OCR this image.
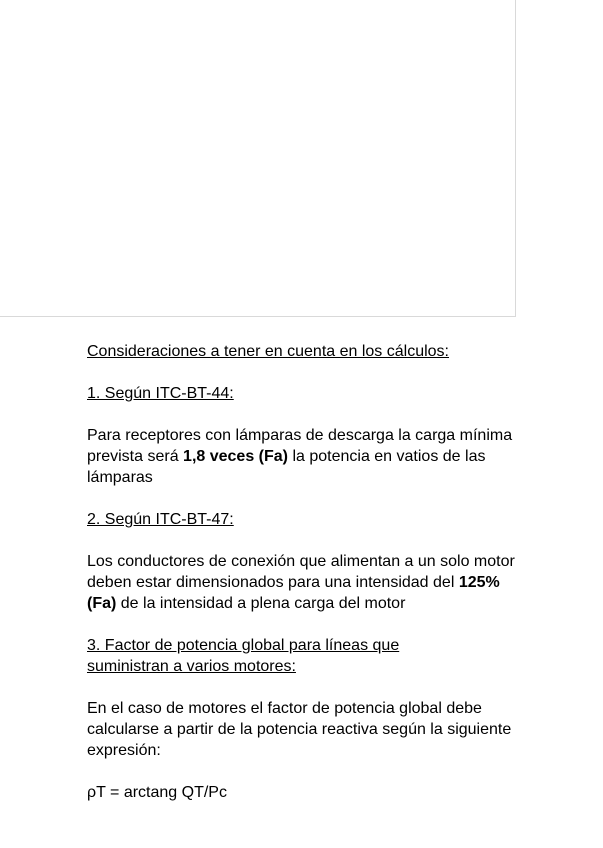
Consideraciones a tener en cuenta en los cálculos:

1. Según ITC-BT-44:

Para receptores con lámparas de descarga la carga mínima prevista será 1,8 veces (Fa) la potencia en vatios de las lámparas

2. Según ITC-BT-47:

Los conductores de conexión que alimentan a un solo motor deben estar dimensionados para una intensidad del 125% (Fa) de la intensidad a plena carga del motor

3. Factor de potencia global para líneas que

suministran a varios motores:

En el caso de motores el factor de potencia global debe calcularse a partir de la potencia reactiva según la siguiente expresión:

ρT = arctang QT/Pc
